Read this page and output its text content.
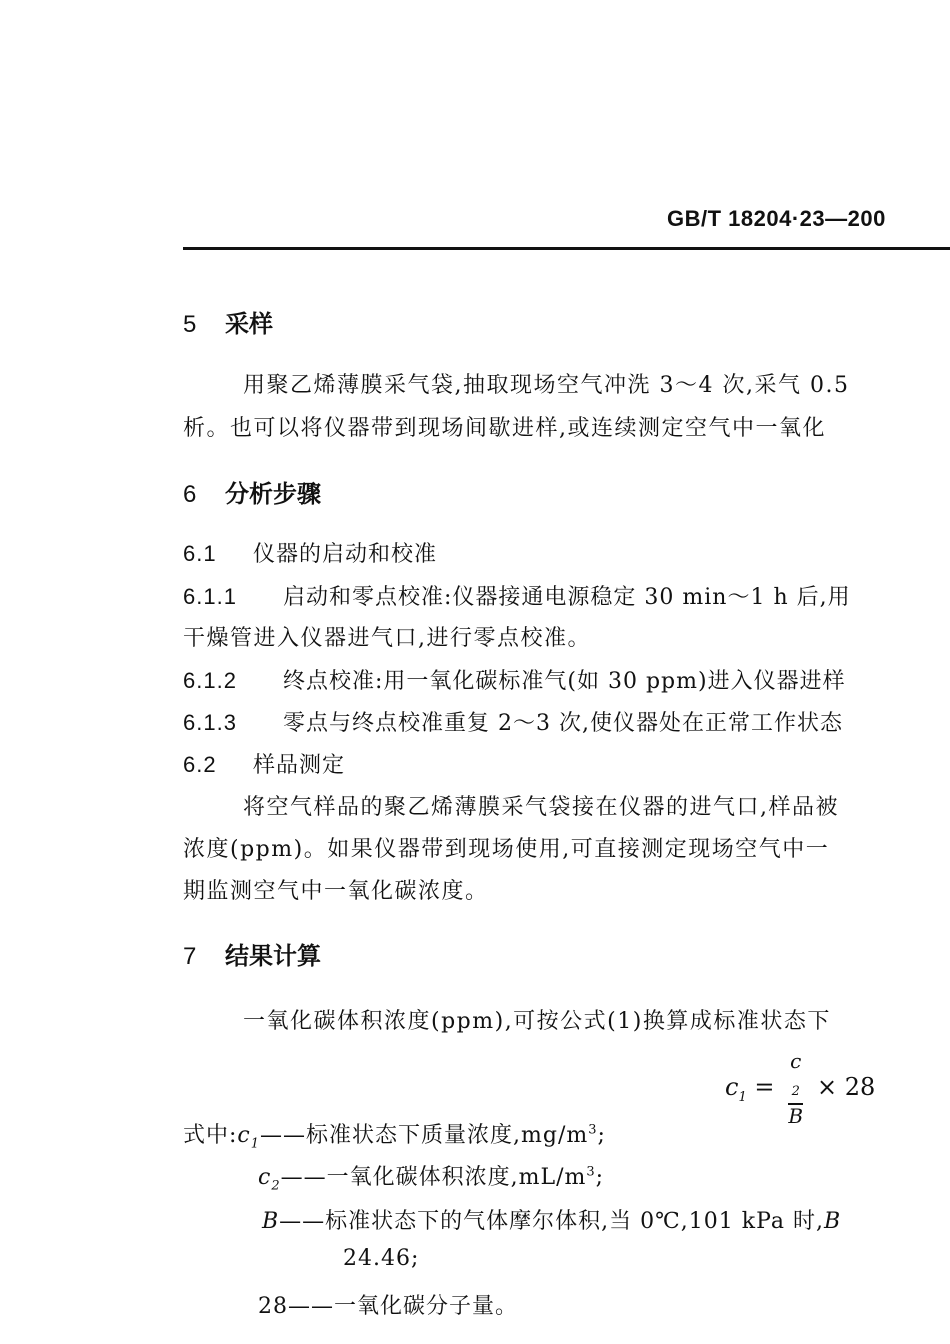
GB/T 18204·23—200
5 采样
用聚乙烯薄膜采气袋,抽取现场空气冲洗 3～4 次,采气 0.5
析。也可以将仪器带到现场间歇进样,或连续测定空气中一氧化
6 分析步骤
6.1 仪器的启动和校准
6.1.1 启动和零点校准:仪器接通电源稳定 30 min～1 h 后,用
干燥管进入仪器进气口,进行零点校准。
6.1.2 终点校准:用一氧化碳标准气(如 30 ppm)进入仪器进样
6.1.3 零点与终点校准重复 2～3 次,使仪器处在正常工作状态
6.2 样品测定
将空气样品的聚乙烯薄膜采气袋接在仪器的进气口,样品被
浓度(ppm)。如果仪器带到现场使用,可直接测定现场空气中一
期监测空气中一氧化碳浓度。
7 结果计算
一氧化碳体积浓度(ppm),可按公式(1)换算成标准状态下
$c_1 = c$
$_2$
B × 28
式中$:c_1——$标准状态下质量浓度$,mg/m^3$;
$c_2——$一氧化碳体积浓度$,mL/m^3$;
B——标准状态下的气体摩尔体积,当 0℃,101 kPa 时,B
24.46;
28——一氧化碳分子量。
